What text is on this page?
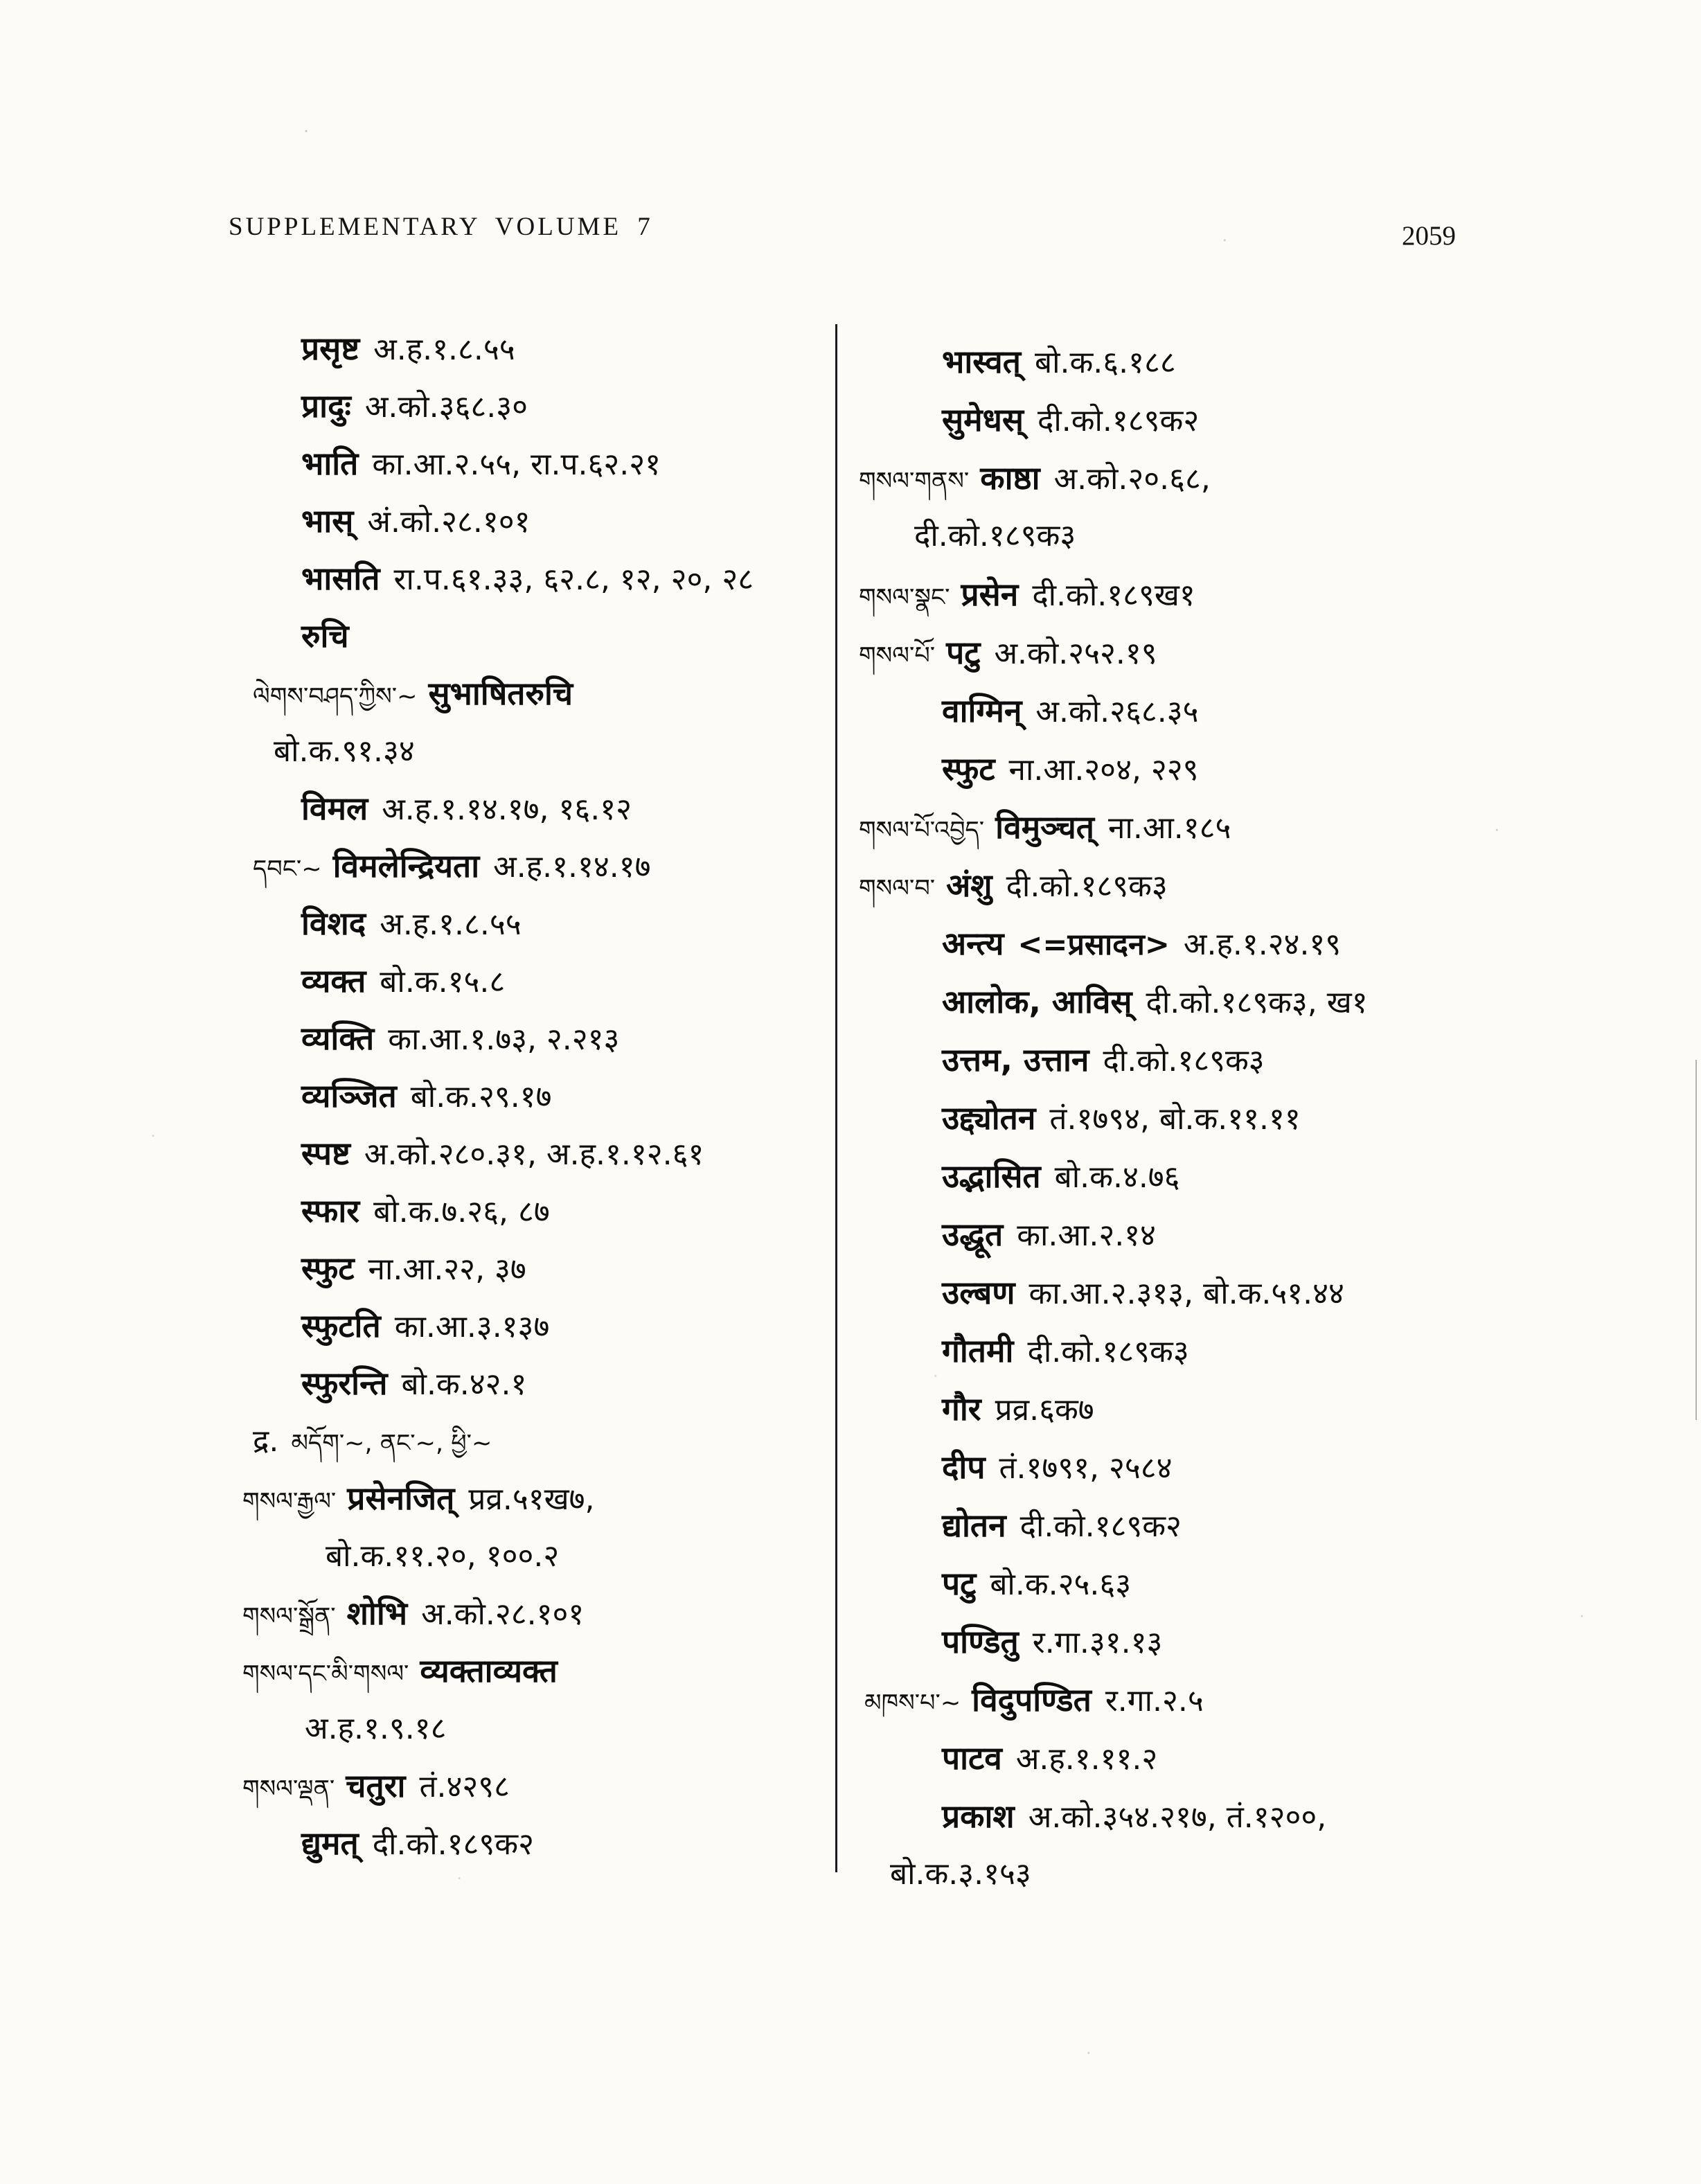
SUPPLEMENTARY VOLUME 7	2059
प्रसृष्ट अ.ह.१.८.५५
प्रादुः अ.को.३६८.३०
भाति का.आ.२.५५, रा.प.६२.२१
भास् अं.को.२८.१०१
भासति रा.प.६१.३३, ६२.८, १२, २०, २८
रुचि
ལེགས་བཤད་ཀྱིས་~ सुभाषितरुचि
बो.क.९१.३४
विमल अ.ह.१.१४.१७, १६.१२
དབང་~ विमलेन्द्रियता अ.ह.१.१४.१७
विशद अ.ह.१.८.५५
व्यक्त बो.क.१५.८
व्यक्ति का.आ.१.७३, २.२१३
व्यञ्जित बो.क.२९.१७
स्पष्ट अ.को.२८०.३१, अ.ह.१.१२.६१
स्फार बो.क.७.२६, ८७
स्फुट ना.आ.२२, ३७
स्फुटति का.आ.३.१३७
स्फुरन्ति बो.क.४२.१
द्र. མདོག་~, ནང་~, ཕྱི་~
གསལ་རྒྱལ་ प्रसेनजित् प्रव्र.५१ख७,
बो.क.११.२०, १००.२
གསལ་སྒྲོན་ शोभि अ.को.२८.१०१
གསལ་དང་མི་གསལ་ व्यक्ताव्यक्त
अ.ह.१.९.१८
གསལ་ལྡན་ चतुरा तं.४२९८
द्युमत् दी.को.१८९क२
भास्वत् बो.क.६.१८८
सुमेधस् दी.को.१८९क२
གསལ་གནས་ काष्ठा अ.को.२०.६८,
दी.को.१८९क३
གསལ་སྣང་ प्रसेन दी.को.१८९ख१
གསལ་པོ་ पटु अ.को.२५२.१९
वाग्मिन् अ.को.२६८.३५
स्फुट ना.आ.२०४, २२९
གསལ་པོ་འབྱེད་ विमुञ्चत् ना.आ.१८५
གསལ་བ་ अंशु दी.को.१८९क३
अन्त्य <=प्रसादन> अ.ह.१.२४.१९
आलोक, आविस् दी.को.१८९क३, ख१
उत्तम, उत्तान दी.को.१८९क३
उद्द्योतन तं.१७९४, बो.क.११.११
उद्भासित बो.क.४.७६
उद्धूत का.आ.२.१४
उल्बण का.आ.२.३१३, बो.क.५१.४४
गौतमी दी.को.१८९क३
गौर प्रव्र.६क७
दीप तं.१७९१, २५८४
द्योतन दी.को.१८९क२
पटु बो.क.२५.६३
पण्डितु र.गा.३१.१३
མཁས་པ་~ विदुपण्डित र.गा.२.५
पाटव अ.ह.१.११.२
प्रकाश अ.को.३५४.२१७, तं.१२००,
बो.क.३.१५३
